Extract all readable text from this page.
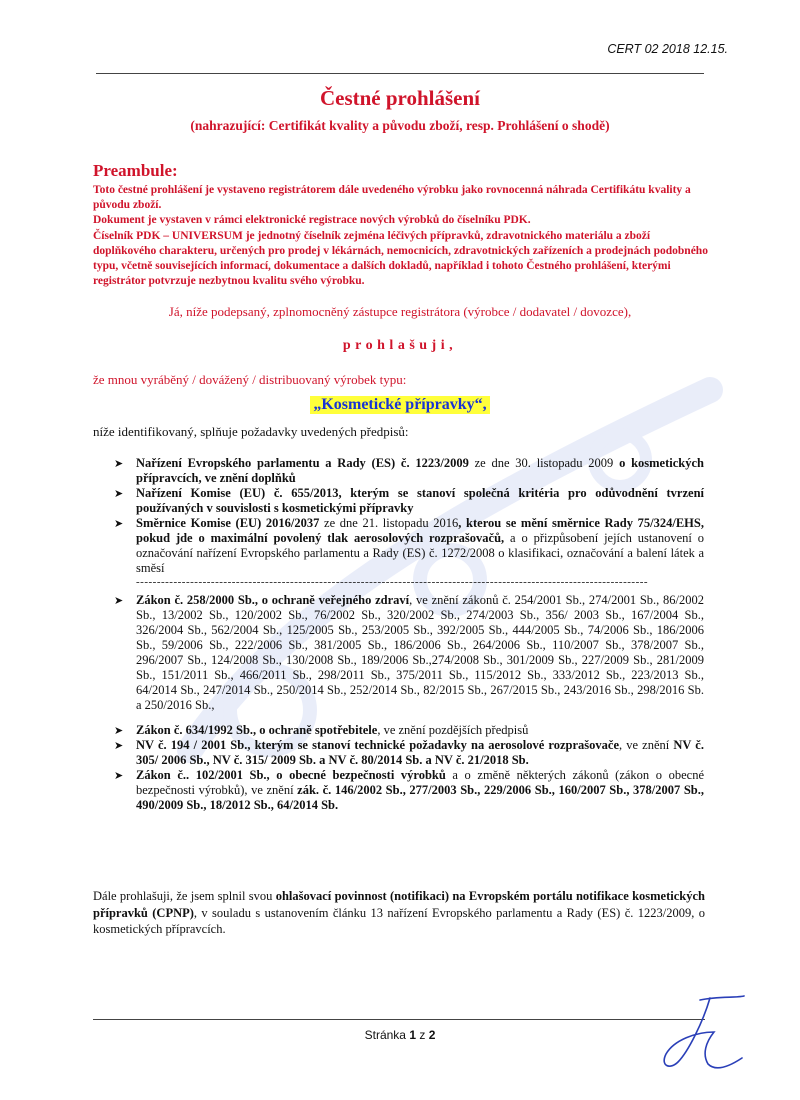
CERT 02 2018 12.15.
Čestné prohlášení
(nahrazující: Certifikát kvality a původu zboží, resp. Prohlášení o shodě)
Preambule:

Toto čestné prohlášení je vystaveno registrátorem dále uvedeného výrobku jako rovnocenná náhrada Certifikátu kvality a původu zboží.

Dokument je vystaven v rámci elektronické registrace nových výrobků do číselníku PDK.

Číselník PDK – UNIVERSUM je jednotný číselník zejména léčivých přípravků, zdravotnického materiálu a zboží doplňkového charakteru, určených pro prodej v lékárnách, nemocnicích, zdravotnických zařízeních a prodejnách podobného typu, včetně souvisejících informací, dokumentace a dalších dokladů, například i tohoto Čestného prohlášení, kterými registrátor potvrzuje nezbytnou kvalitu svého výrobku.

Já, níže podepsaný, zplnomocněný zástupce registrátora (výrobce / dodavatel / dovozce),
prohlašuji,
že mnou vyráběný / dovážený / distribuovaný výrobek typu:
„Kosmetické přípravky“,
níže identifikovaný, splňuje požadavky uvedených předpisů:
➤ Nařízení Evropského parlamentu a Rady (ES) č. 1223/2009 ze dne 30. listopadu 2009 o kosmetických přípravcích, ve znění doplňků
➤ Nařízení Komise (EU) č. 655/2013, kterým se stanoví společná kritéria pro odůvodnění tvrzení používaných v souvislosti s kosmetickými přípravky
➤ Směrnice Komise (EU) 2016/2037 ze dne 21. listopadu 2016, kterou se mění směrnice Rady 75/324/EHS, pokud jde o maximální povolený tlak aerosolových rozprašovačů, a o přizpůsobení jejích ustanovení o označování nařízení Evropského parlamentu a Rady (ES) č. 1272/2008 o klasifikaci, označování a balení látek a směsí
---------------------------------------------------------------------------------------------------------------------------
➤ Zákon č. 258/2000 Sb., o ochraně veřejného zdraví, ve znění zákonů č. 254/2001 Sb., 274/2001 Sb., 86/2002 Sb., 13/2002 Sb., 120/2002 Sb., 76/2002 Sb., 320/2002 Sb., 274/2003 Sb., 356/ 2003 Sb., 167/2004 Sb., 326/2004 Sb., 562/2004 Sb., 125/2005 Sb., 253/2005 Sb., 392/2005 Sb., 444/2005 Sb., 74/2006 Sb., 186/2006 Sb., 59/2006 Sb., 222/2006 Sb., 381/2005 Sb., 186/2006 Sb., 264/2006 Sb., 110/2007 Sb., 378/2007 Sb., 296/2007 Sb., 124/2008 Sb., 130/2008 Sb., 189/2006 Sb.,274/2008 Sb., 301/2009 Sb., 227/2009 Sb., 281/2009 Sb., 151/2011 Sb., 466/2011 Sb., 298/2011 Sb., 375/2011 Sb., 115/2012 Sb., 333/2012 Sb., 223/2013 Sb., 64/2014 Sb., 247/2014 Sb., 250/2014 Sb., 252/2014 Sb., 82/2015 Sb., 267/2015 Sb., 243/2016 Sb., 298/2016 Sb. a 250/2016 Sb.,
➤ Zákon č. 634/1992 Sb., o ochraně spotřebitele, ve znění pozdějších předpisů
➤ NV č. 194 / 2001 Sb., kterým se stanoví technické požadavky na aerosolové rozprašovače, ve znění NV č. 305/ 2006 Sb., NV č. 315/ 2009 Sb. a NV č. 80/2014 Sb. a NV č. 21/2018 Sb.
➤ Zákon č.. 102/2001 Sb., o obecné bezpečnosti výrobků a o změně některých zákonů (zákon o obecné bezpečnosti výrobků), ve znění zák. č. 146/2002 Sb., 277/2003 Sb., 229/2006 Sb., 160/2007 Sb., 378/2007 Sb., 490/2009 Sb., 18/2012 Sb., 64/2014 Sb.

Dále prohlašuji, že jsem splnil svou ohlašovací povinnost (notifikaci) na Evropském portálu notifikace kosmetických přípravků (CPNP), v souladu s ustanovením článku 13 nařízení Evropského parlamentu a Rady (ES) č. 1223/2009, o kosmetických přípravcích.

Stránka 1 z 2
